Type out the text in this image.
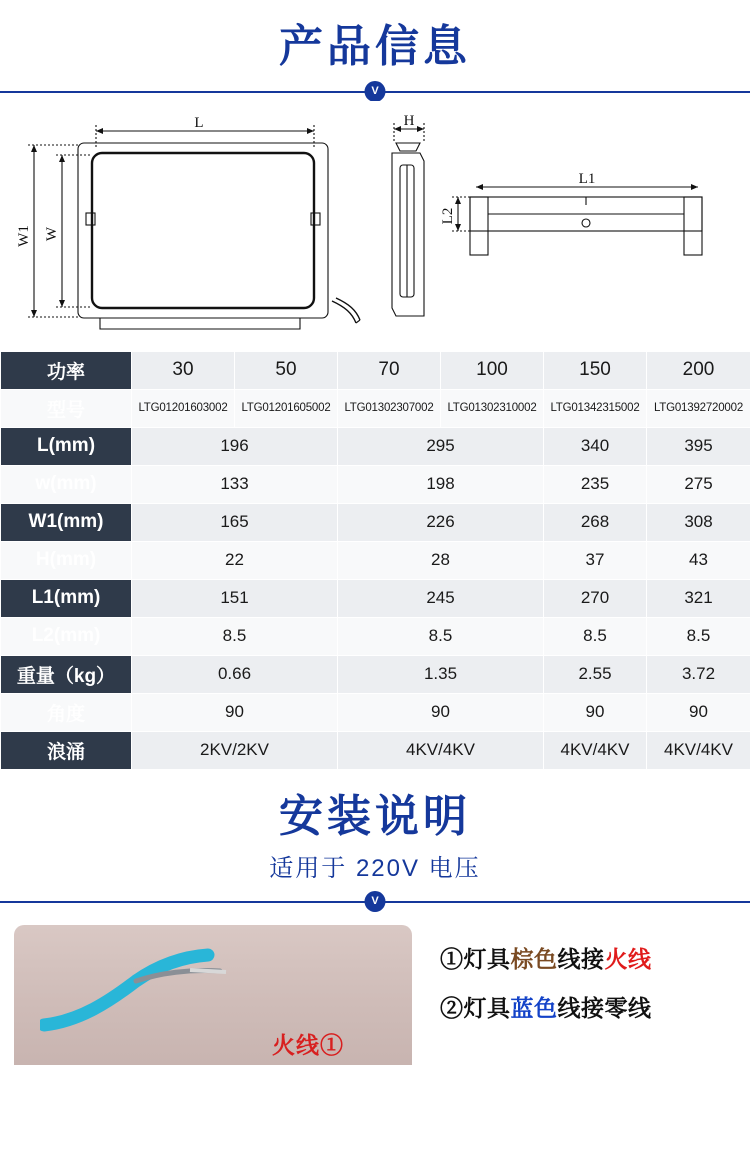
产品信息
V
L	H
L1
W1 W
L2
功率	30	50	70	100	150	200
型号	LTG01201603002	LTG01201605002	LTG01302307002	LTG01302310002	LTG01342315002	LTG01392720002
L(mm)	196		295		340	395
w(mm)	133		198		235	275
W1(mm)	165		226		268	308
H(mm)	22		28		37	43
L1(mm)	151		245		270	321
L2(mm)	8.5		8.5		8.5	8.5
重量（kg）	0.66		1.35		2.55	3.72
角度	90		90		90	90
浪涌	2KV/2KV		4KV/4KV		4KV/4KV	4KV/4KV
安装说明
适用于 220V 电压
V
火线①
①灯具棕色线接火线
②灯具蓝色线接零线
